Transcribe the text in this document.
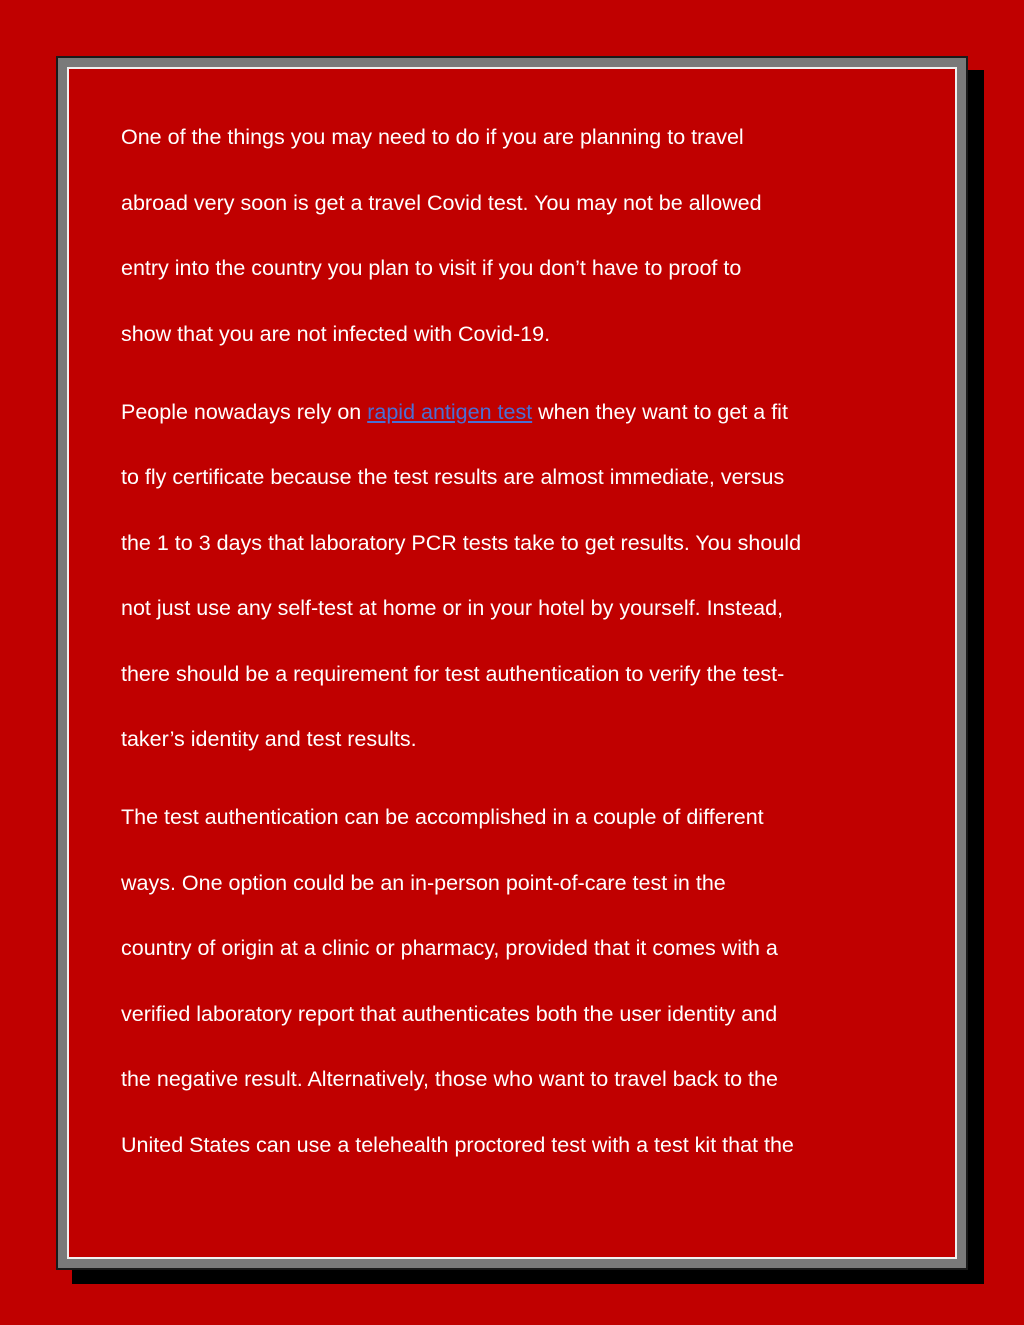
One of the things you may need to do if you are planning to travel
abroad very soon is get a travel Covid test. You may not be allowed
entry into the country you plan to visit if you don’t have to proof to
show that you are not infected with Covid-19.
People nowadays rely on rapid antigen test when they want to get a fit
to fly certificate because the test results are almost immediate, versus
the 1 to 3 days that laboratory PCR tests take to get results. You should
not just use any self-test at home or in your hotel by yourself. Instead,
there should be a requirement for test authentication to verify the test-
taker’s identity and test results.
The test authentication can be accomplished in a couple of different
ways. One option could be an in-person point-of-care test in the
country of origin at a clinic or pharmacy, provided that it comes with a
verified laboratory report that authenticates both the user identity and
the negative result. Alternatively, those who want to travel back to the
United States can use a telehealth proctored test with a test kit that the
